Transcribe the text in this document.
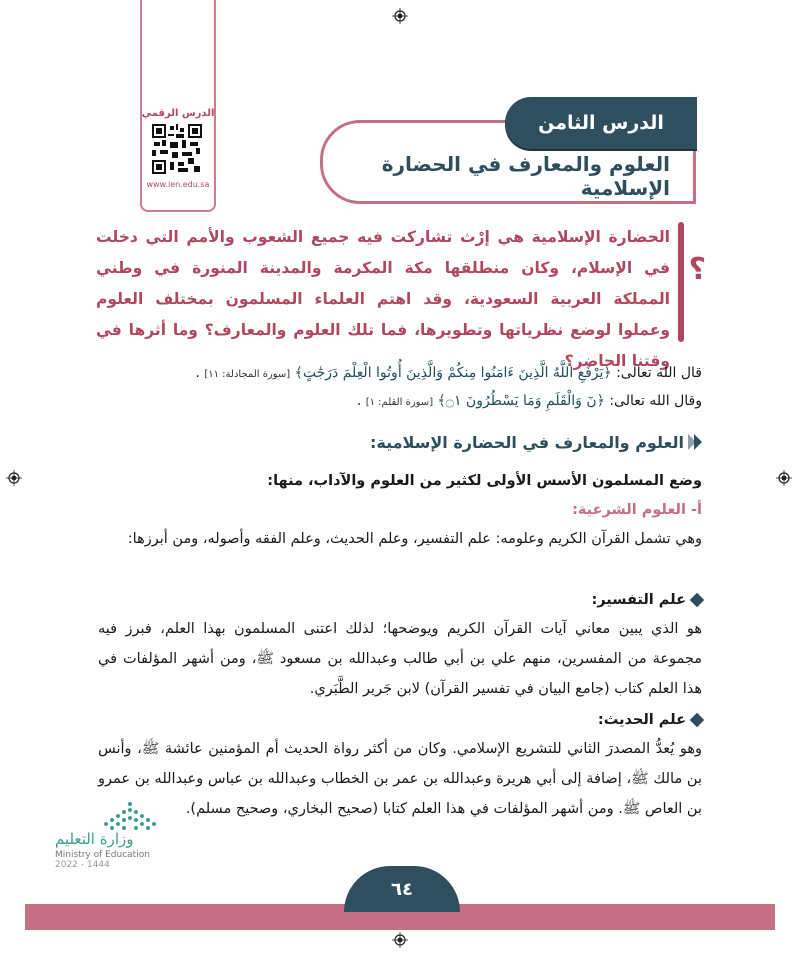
الدرس الرقمي
www.ien.edu.sa
الدرس الثامن
العلوم والمعارف في الحضارة الإسلامية
؟
الحضارة الإسلامية هي إرْث تشاركت فيه جميع الشعوب والأمم التي دخلت في الإسلام، وكان منطلقها مكة المكرمة والمدينة المنورة في وطني المملكة العربية السعودية، وقد اهتم العلماء المسلمون بمختلف العلوم وعملوا لوضع نظرياتها وتطويرها، فما تلك العلوم والمعارف؟ وما أثرها في وقتنا الحاضر؟
قال الله تعالى: ﴿يَرْفَعِ اللَّهُ الَّذِينَ ءَامَنُوا مِنكُمْ وَالَّذِينَ أُوتُوا الْعِلْمَ دَرَجَٰتٍ﴾ [سورة المجادلة: ١١] .
وقال الله تعالى: ﴿نٓ وَالْقَلَمِ وَمَا يَسْطُرُونَ ۝١﴾ [سورة القلم: ١] .
العلوم والمعارف في الحضارة الإسلامية:
وضع المسلمون الأسس الأولى لكثير من العلوم والآداب، منها:
أ- العلوم الشرعية:
وهي تشمل القرآن الكريم وعلومه: علم التفسير، وعلم الحديث، وعلم الفقه وأصوله، ومن أبرزها:
علم التفسير:
هو الذي يبين معاني آيات القرآن الكريم ويوضحها؛ لذلك اعتنى المسلمون بهذا العلم، فبرز فيه مجموعة من المفسرين، منهم علي بن أبي طالب وعبدالله بن مسعود ﷺ، ومن أشهر المؤلفات في هذا العلم كتاب (جامع البيان في تفسير القرآن) لابن جَرير الطَّبَري.
علم الحديث:
وهو يُعدُّ المصدرَ الثاني للتشريع الإسلامي. وكان من أكثر رواة الحديث أم المؤمنين عائشة ﷺ، وأنس بن مالك ﷺ، إضافة إلى أبي هريرة وعبدالله بن عمر بن الخطاب وعبدالله بن عباس وعبدالله بن عمرو بن العاص ﷺ. ومن أشهر المؤلفات في هذا العلم كتابا (صحيح البخاري، وصحيح مسلم).
وزارة التعليم
Ministry of Education
2022 - 1444
٦٤
